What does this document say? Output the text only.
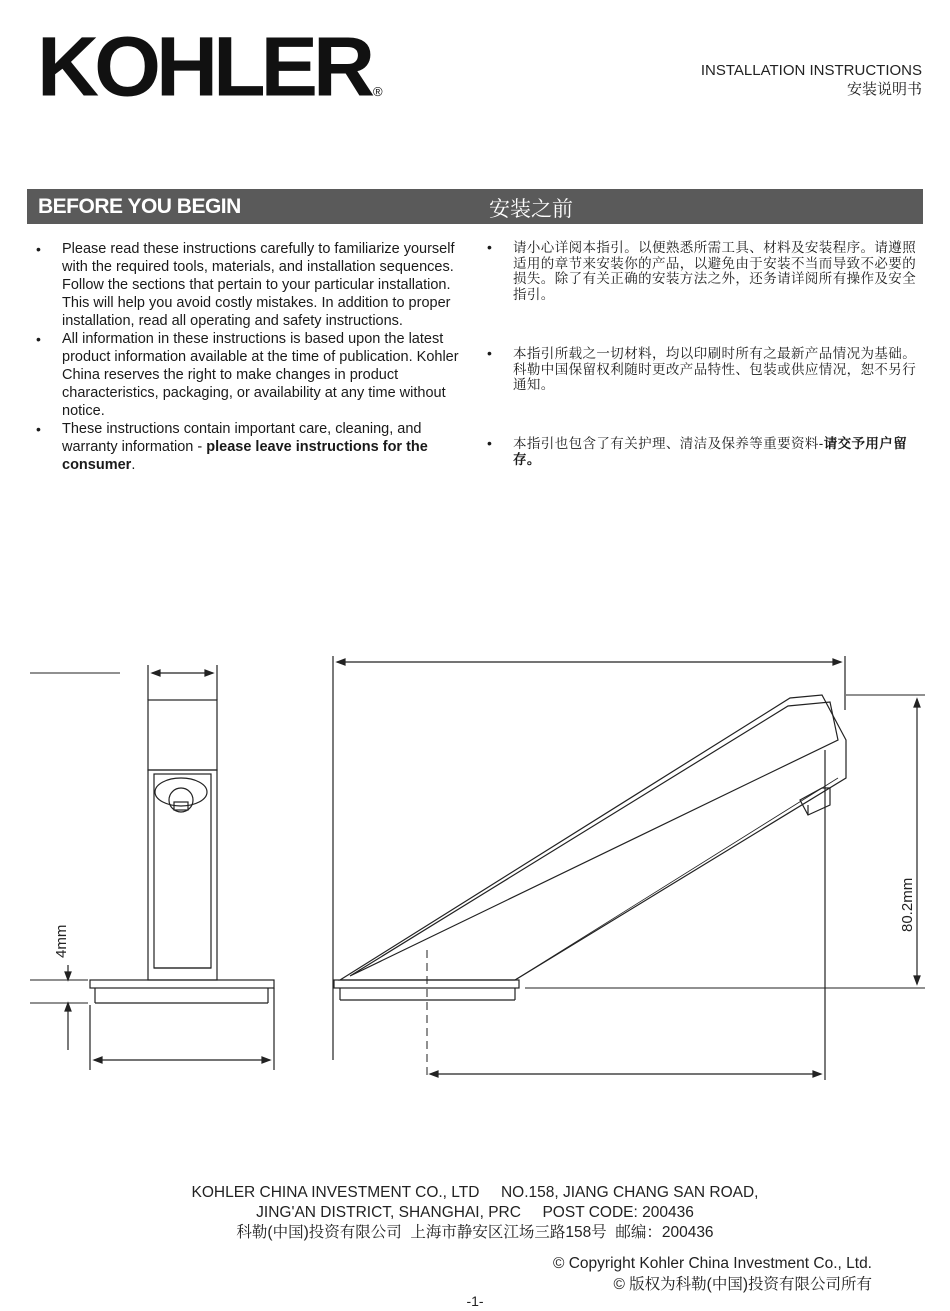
KOHLER ®
INSTALLATION INSTRUCTIONS
安装说明书
BEFORE YOU BEGIN	安装之前
• Please read these instructions carefully to familiarize yourself with the required tools, materials, and installation sequences. Follow the sections that pertain to your particular installation. This will help you avoid costly mistakes. In addition to proper installation, read all operating and safety instructions.
• All information in these instructions is based upon the latest product information available at the time of publication. Kohler China reserves the right to make changes in product characteristics, packaging, or availability at any time without notice.
• These instructions contain important care, cleaning, and warranty information - please leave instructions for the consumer.
• 请小心详阅本指引。以便熟悉所需工具、材料及安装程序。请遵照适用的章节来安装你的产品，以避免由于安装不当而导致不必要的损失。除了有关正确的安装方法之外，还务请详阅所有操作及安全指引。
• 本指引所载之一切材料，均以印刷时所有之最新产品情况为基础。科勒中国保留权利随时更改产品特性、包装或供应情况，恕不另行通知。
• 本指引也包含了有关护理、清洁及保养等重要资料-请交予用户留存。
4mm
80.2mm
KOHLER CHINA INVESTMENT CO., LTD     NO.158, JIANG CHANG SAN ROAD,
JING'AN DISTRICT, SHANGHAI, PRC     POST CODE: 200436
科勒(中国)投资有限公司  上海市静安区江场三路158号  邮编：200436
© Copyright Kohler China Investment Co., Ltd.
© 版权为科勒(中国)投资有限公司所有
-1-
